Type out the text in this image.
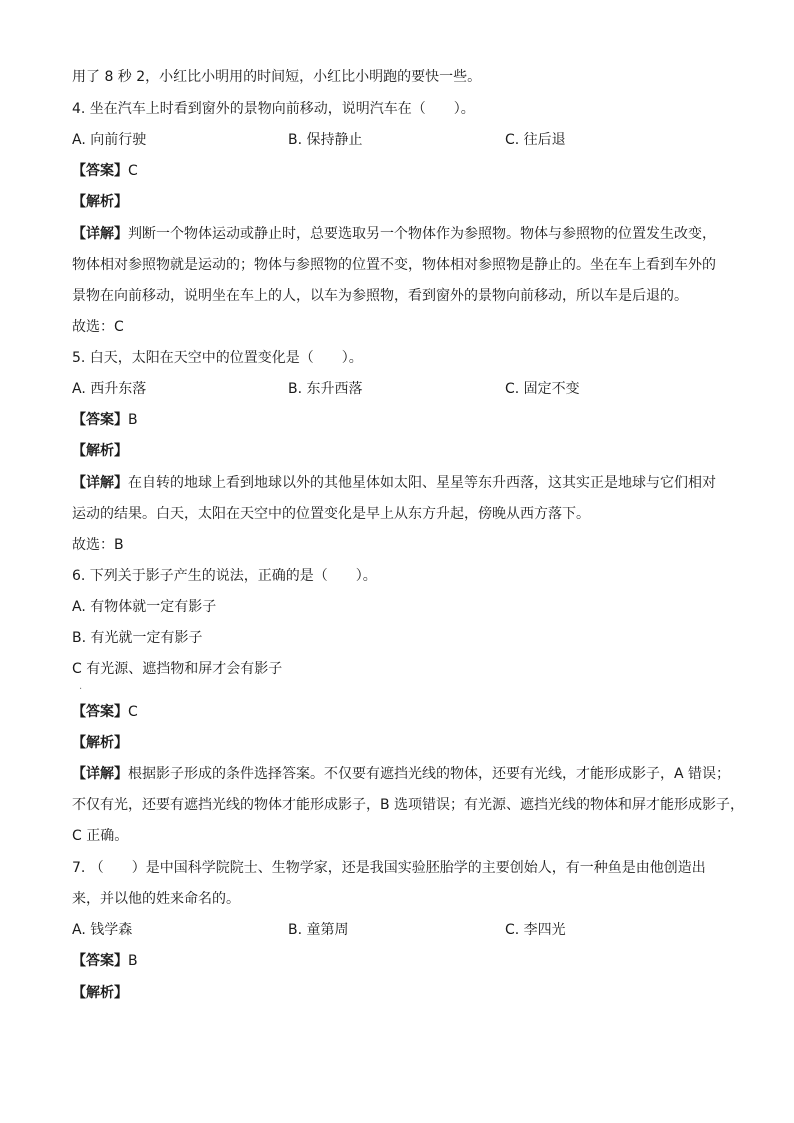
用了 8 秒 2，小红比小明用的时间短，小红比小明跑的要快一些。
4. 坐在汽车上时看到窗外的景物向前移动，说明汽车在（　　）。
A. 向前行驶	B. 保持静止	C. 往后退
【答案】C
【解析】
【详解】判断一个物体运动或静止时，总要选取另一个物体作为参照物。物体与参照物的位置发生改变，
物体相对参照物就是运动的；物体与参照物的位置不变，物体相对参照物是静止的。坐在车上看到车外的
景物在向前移动，说明坐在车上的人，以车为参照物，看到窗外的景物向前移动，所以车是后退的。
故选：C
5. 白天，太阳在天空中的位置变化是（　　）。
A. 西升东落	B. 东升西落	C. 固定不变
【答案】B
【解析】
【详解】在自转的地球上看到地球以外的其他星体如太阳、星星等东升西落，这其实正是地球与它们相对
运动的结果。白天，太阳在天空中的位置变化是早上从东方升起，傍晚从西方落下。
故选：B
6. 下列关于影子产生的说法，正确的是（　　）。
A. 有物体就一定有影子
B. 有光就一定有影子
C 有光源、遮挡物和屏才会有影子
·
【答案】C
【解析】
【详解】根据影子形成的条件选择答案。不仅要有遮挡光线的物体，还要有光线，才能形成影子，A 错误；
不仅有光，还要有遮挡光线的物体才能形成影子，B 选项错误；有光源、遮挡光线的物体和屏才能形成影子，
C 正确。
7. （　　）是中国科学院院士、生物学家，还是我国实验胚胎学的主要创始人，有一种鱼是由他创造出
来，并以他的姓来命名的。
A. 钱学森	B. 童第周	C. 李四光
【答案】B
【解析】
